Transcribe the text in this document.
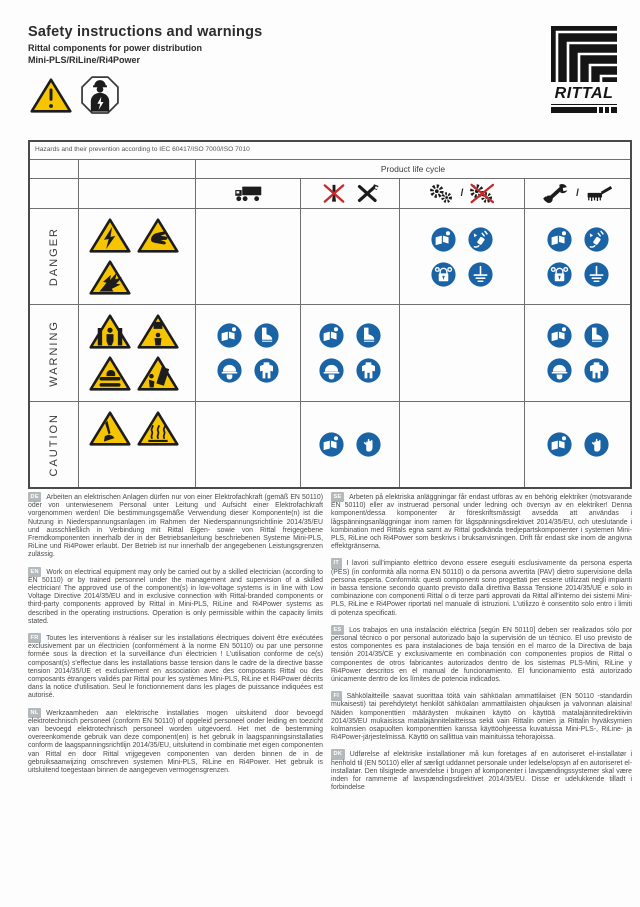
Safety instructions and warnings
Rittal components for power distribution
Mini-PLS/RiLine/Ri4Power
RITTAL
Hazards and their prevention according to IEC 60417/ISO 7000/ISO 7010
Product life cycle
/	/
DANGER
WARNING
CAUTION

DE Arbeiten an elektrischen Anlagen dürfen nur von einer Elektrofachkraft (gemäß EN 50110) oder von unterwiesenem Personal unter Leitung und Aufsicht einer Elektrofachkraft vorgenommen werden! Die bestimmungsgemäße Verwendung dieser Komponente(n) ist die Nutzung in Niederspannungsanlagen im Rahmen der Niederspannungsrichtlinie 2014/35/EU und ausschließlich in Verbindung mit Rittal Eigen- sowie von Rittal freigegebene Fremdkomponenten innerhalb der in der Betriebsanleitung beschriebenen Systeme Mini-PLS, RiLine und Ri4Power erlaubt. Der Betrieb ist nur innerhalb der angegebenen Leistungsgrenzen zulässig.

EN Work on electrical equipment may only be carried out by a skilled electrician (according to EN 50110) or by trained personnel under the management and supervision of a skilled electrician! The approved use of the component(s) in low-voltage systems is in line with Low Voltage Directive 2014/35/EU and in exclusive connection with Rittal-branded components or third-party components approved by Rittal in Mini-PLS, RiLine and Ri4Power systems as described in the operating instructions. Operation is only permissible within the capacity limits stated.

FR Toutes les interventions à réaliser sur les installations électriques doivent être exécutées exclusivement par un électricien (conformément à la norme EN 50110) ou par une personne formée sous la direction et la surveillance d'un électricien ! L'utilisation conforme de ce(s) composant(s) s'effectue dans les installations basse tension dans le cadre de la directive basse tension 2014/35/UE et exclusivement en association avec des composants Rittal ou des composants étrangers validés par Rittal pour les systèmes Mini-PLS, RiLine et Ri4Power décrits dans la notice d'utilisation. Seul le fonctionnement dans les plages de puissance indiquées est autorisé.

NL Werkzaamheden aan elektrische installaties mogen uitsluitend door bevoegd elektrotechnisch personeel (conform EN 50110) of opgeleid personeel onder leiding en toezicht van bevoegd elektrotechnisch personeel worden uitgevoerd. Het met de bestemming overeenkomende gebruik van deze component(en) is het gebruik in laagspanningsinstallaties conform de laagspanningsrichtlijn 2014/35/EU, uitsluitend in combinatie met eigen componenten van Rittal en door Rittal vrijgegeven componenten van derden binnen de in de gebruiksaanwijzing omschreven systemen Mini-PLS, RiLine en Ri4Power. Het gebruik is uitsluitend toegestaan binnen de aangegeven vermogensgrenzen.

SE Arbeten på elektriska anläggningar får endast utföras av en behörig elektriker (motsvarande EN 50110) eller av instruerad personal under ledning och översyn av en elektriker! Denna komponent/dessa komponenter är föreskriftsmässigt avsedda att användas i lågspänningsanläggningar inom ramen för lågspänningsdirektivet 2014/35/EU, och uteslutande i kombination med Rittals egna samt av Rittal godkända tredjepartskomponenter i systemen Mini-PLS, RiLine och Ri4Power som beskrivs i bruksanvisningen. Drift får endast ske inom de angivna effektgränserna.

IT I lavori sull'impianto elettrico devono essere eseguiti esclusivamente da persona esperta (PES) (in conformità alla norma EN 50110) o da persona avvertita (PAV) dietro supervisione della persona esperta. Conformità: questi componenti sono progettati per essere utilizzati negli impianti in bassa tensione secondo quanto previsto dalla direttiva Bassa Tensione 2014/35/UE e solo in combinazione con componenti Rittal o di terze parti approvati da Rittal all'interno dei sistemi Mini-PLS, RiLine e Ri4Power riportati nel manuale di istruzioni. L'utilizzo è consentito solo entro i limiti di potenza specificati.

ES Los trabajos en una instalación eléctrica [según EN 50110] deben ser realizados sólo por personal técnico o por personal autorizado bajo la supervisión de un técnico. El uso previsto de estos componentes es para instalaciones de baja tensión en el marco de la Directiva de baja tensión 2014/35/CE y exclusivamente en combinación con componentes propios de Rittal o componentes de otros fabricantes autorizados dentro de los sistemas PLS-Mini, RiLine y Ri4Power descritos en el manual de funcionamiento. El funcionamiento está autorizado únicamente dentro de los límites de potencia indicados.

FI Sähkölaitteille saavat suorittaa töitä vain sähköalan ammattilaiset (EN 50110 -standardin mukaisesti) tai perehdytetyt henkilöt sähköalan ammattilaisten ohjauksen ja valvonnan alaisina! Näiden komponenttien määräysten mukainen käyttö on käyttöä matalajännitedirektiivin 2014/35/EU mukaisissa matalajännitelaitteissa sekä vain Rittalin omien ja Rittalin hyväksymien kolmansien osapuolten komponenttien kanssa käyttöohjeessa kuvatuissa Mini-PLS-, RiLine- ja Ri4Power-järjestelmissä. Käyttö on sallittua vain mainituissa tehorajoissa.

DK Udførelse af elektriske installationer må kun foretages af en autoriseret el-installatør i henhold til (EN 50110) eller af særligt uddannet personale under ledelse/opsyn af en autoriseret el-installatør. Den tilsigtede anvendelse i brugen af komponenter i lavspændingssystemer skal være inden for rammerne af lavspændingsdirektivet 2014/35/EU. Disse er udelukkende tilladt i forbindelse
